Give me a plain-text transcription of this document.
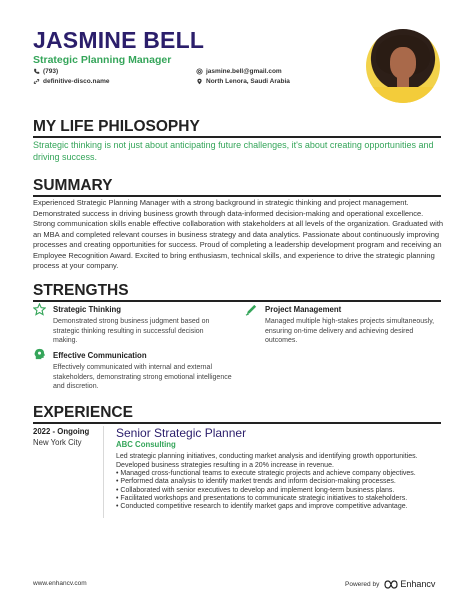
JASMINE BELL
Strategic Planning Manager
(793)
definitive-disco.name
jasmine.bell@gmail.com
North Lenora, Saudi Arabia
MY LIFE PHILOSOPHY
Strategic thinking is not just about anticipating future challenges, it's about creating opportunities and driving success.
SUMMARY
Experienced Strategic Planning Manager with a strong background in strategic thinking and project management. Demonstrated success in driving business growth through data-informed decision-making and operational excellence. Strong communication skills enable effective collaboration with stakeholders at all levels of the organization. Graduated with an MBA and completed relevant courses in business strategy and data analytics. Passionate about continuously improving processes and creating opportunities for success. Proud of completing a leadership development program and receiving an Employee Recognition Award. Excited to bring enthusiasm, technical skills, and experience to drive the strategic planning process at your company.
STRENGTHS
Strategic Thinking
Demonstrated strong business judgment based on strategic thinking resulting in successful decision making.
Project Management
Managed multiple high-stakes projects simultaneously, ensuring on-time delivery and achieving desired outcomes.
Effective Communication
Effectively communicated with internal and external stakeholders, demonstrating strong emotional intelligence and discretion.
EXPERIENCE
2022 - Ongoing
New York City
Senior Strategic Planner
ABC Consulting
Led strategic planning initiatives, conducting market analysis and identifying growth opportunities. Developed business strategies resulting in a 20% increase in revenue.
• Managed cross-functional teams to execute strategic projects and achieve company objectives.
• Performed data analysis to identify market trends and inform decision-making processes.
• Collaborated with senior executives to develop and implement long-term business plans.
• Facilitated workshops and presentations to communicate strategic initiatives to stakeholders.
• Conducted competitive research to identify market gaps and improve competitive advantage.
www.enhancv.com	Powered by Enhancv
